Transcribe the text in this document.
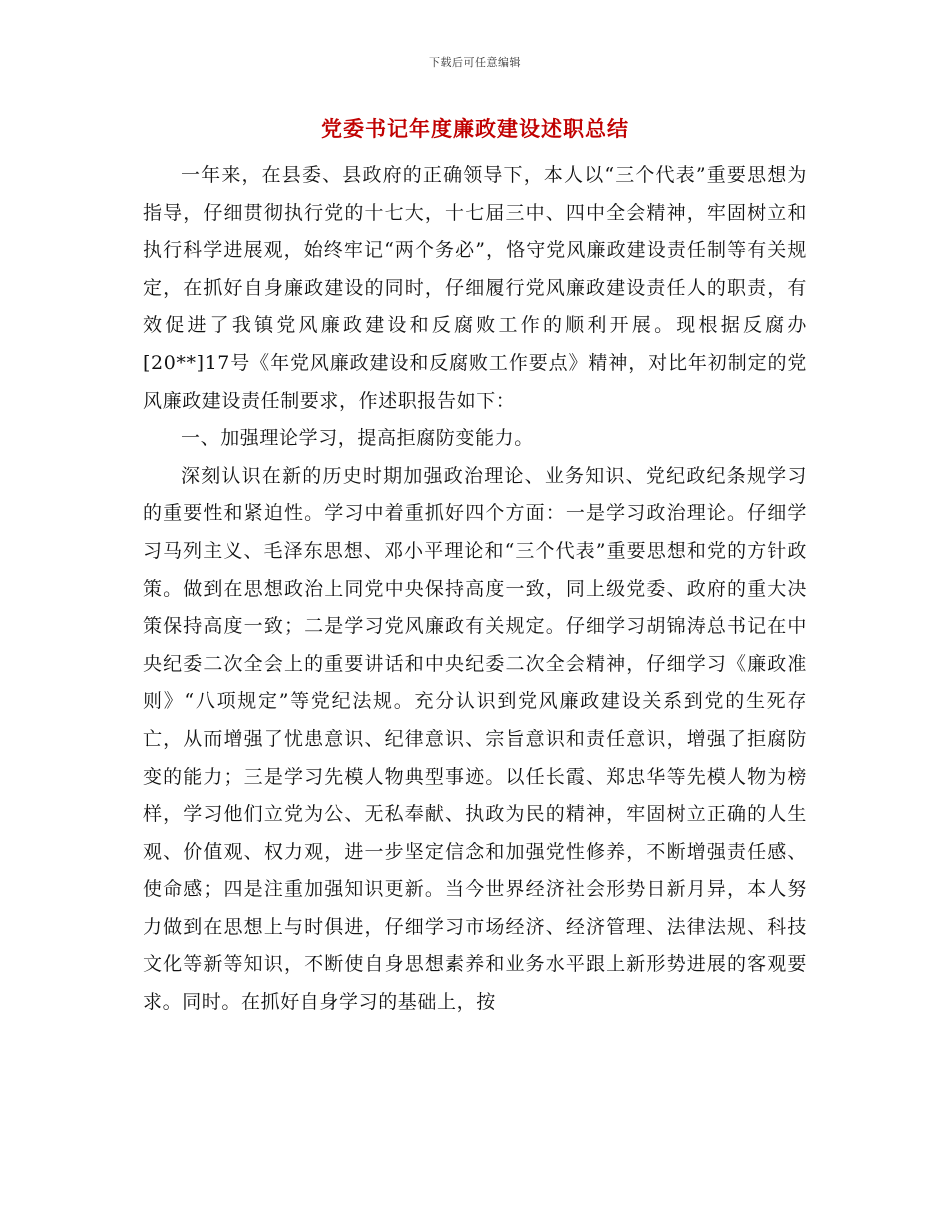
下载后可任意编辑
党委书记年度廉政建设述职总结

一年来，在县委、县政府的正确领导下，本人以“三个代表”重要思想为指导，仔细贯彻执行党的十七大，十七届三中、四中全会精神，牢固树立和执行科学进展观，始终牢记“两个务必”，恪守党风廉政建设责任制等有关规定，在抓好自身廉政建设的同时，仔细履行党风廉政建设责任人的职责，有效促进了我镇党风廉政建设和反腐败工作的顺利开展。现根据反腐办[20**]17号《年党风廉政建设和反腐败工作要点》精神，对比年初制定的党风廉政建设责任制要求，作述职报告如下：

一、加强理论学习，提高拒腐防变能力。

深刻认识在新的历史时期加强政治理论、业务知识、党纪政纪条规学习的重要性和紧迫性。学习中着重抓好四个方面：一是学习政治理论。仔细学习马列主义、毛泽东思想、邓小平理论和“三个代表”重要思想和党的方针政策。做到在思想政治上同党中央保持高度一致，同上级党委、政府的重大决策保持高度一致；二是学习党风廉政有关规定。仔细学习胡锦涛总书记在中央纪委二次全会上的重要讲话和中央纪委二次全会精神，仔细学习《廉政准则》“八项规定”等党纪法规。充分认识到党风廉政建设关系到党的生死存亡，从而增强了忧患意识、纪律意识、宗旨意识和责任意识，增强了拒腐防变的能力；三是学习先模人物典型事迹。以任长霞、郑忠华等先模人物为榜样，学习他们立党为公、无私奉献、执政为民的精神，牢固树立正确的人生观、价值观、权力观，进一步坚定信念和加强党性修养，不断增强责任感、使命感；四是注重加强知识更新。当今世界经济社会形势日新月异，本人努力做到在思想上与时俱进，仔细学习市场经济、经济管理、法律法规、科技文化等新等知识，不断使自身思想素养和业务水平跟上新形势进展的客观要求。同时。在抓好自身学习的基础上，按
